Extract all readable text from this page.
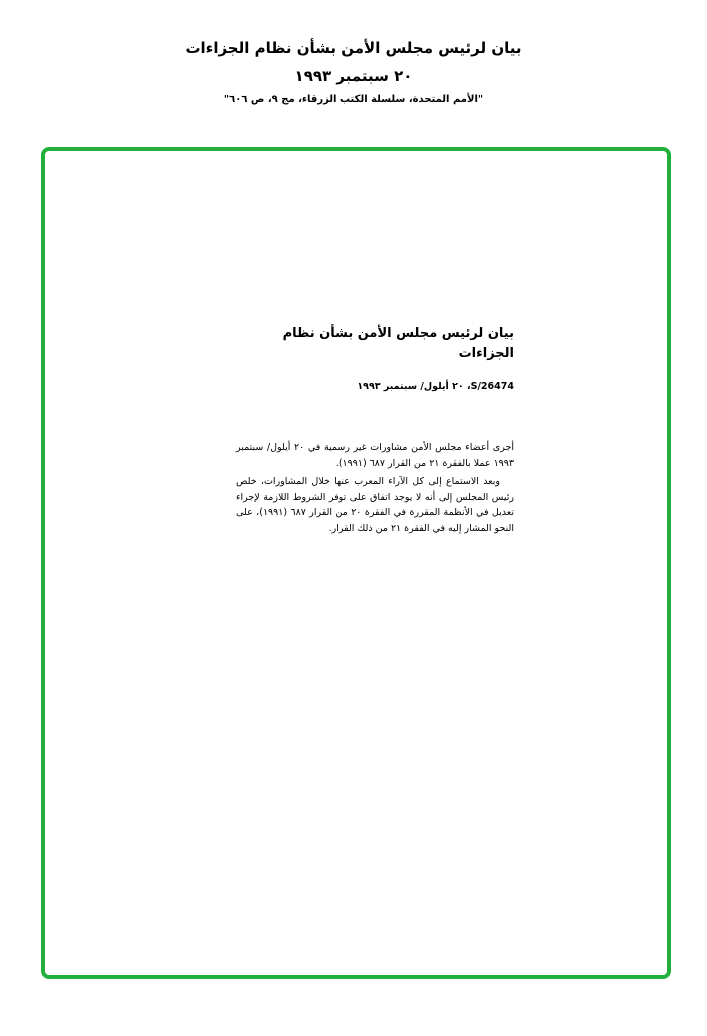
بيان لرئيس مجلس الأمن بشأن نظام الجزاءات
٢٠ سبتمبر ١٩٩٣
"الأمم المتحدة، سلسلة الكتب الزرقاء، مج ٩، ص ٦٠٦"
بيان لرئيس مجلس الأمن بشأن نظام الجزاءات
S/26474، ٢٠ أيلول/ سبتمبر ١٩٩٣

أجرى أعضاء مجلس الأمن مشاورات غير رسمية في ٢٠ أيلول/ سبتمبر ١٩٩٣ عملا بالفقرة ٢١ من القرار ٦٨٧ (١٩٩١).

وبعد الاستماع إلى كل الآراء المعرب عنها خلال المشاورات، خلص رئيس المجلس إلى أنه لا يوجد اتفاق على توفر الشروط اللازمة لإجراء تعديل في الأنظمة المقررة في الفقرة ٢٠ من القرار ٦٨٧ (١٩٩١)، على النحو المشار إليه في الفقرة ٢١ من ذلك القرار.
